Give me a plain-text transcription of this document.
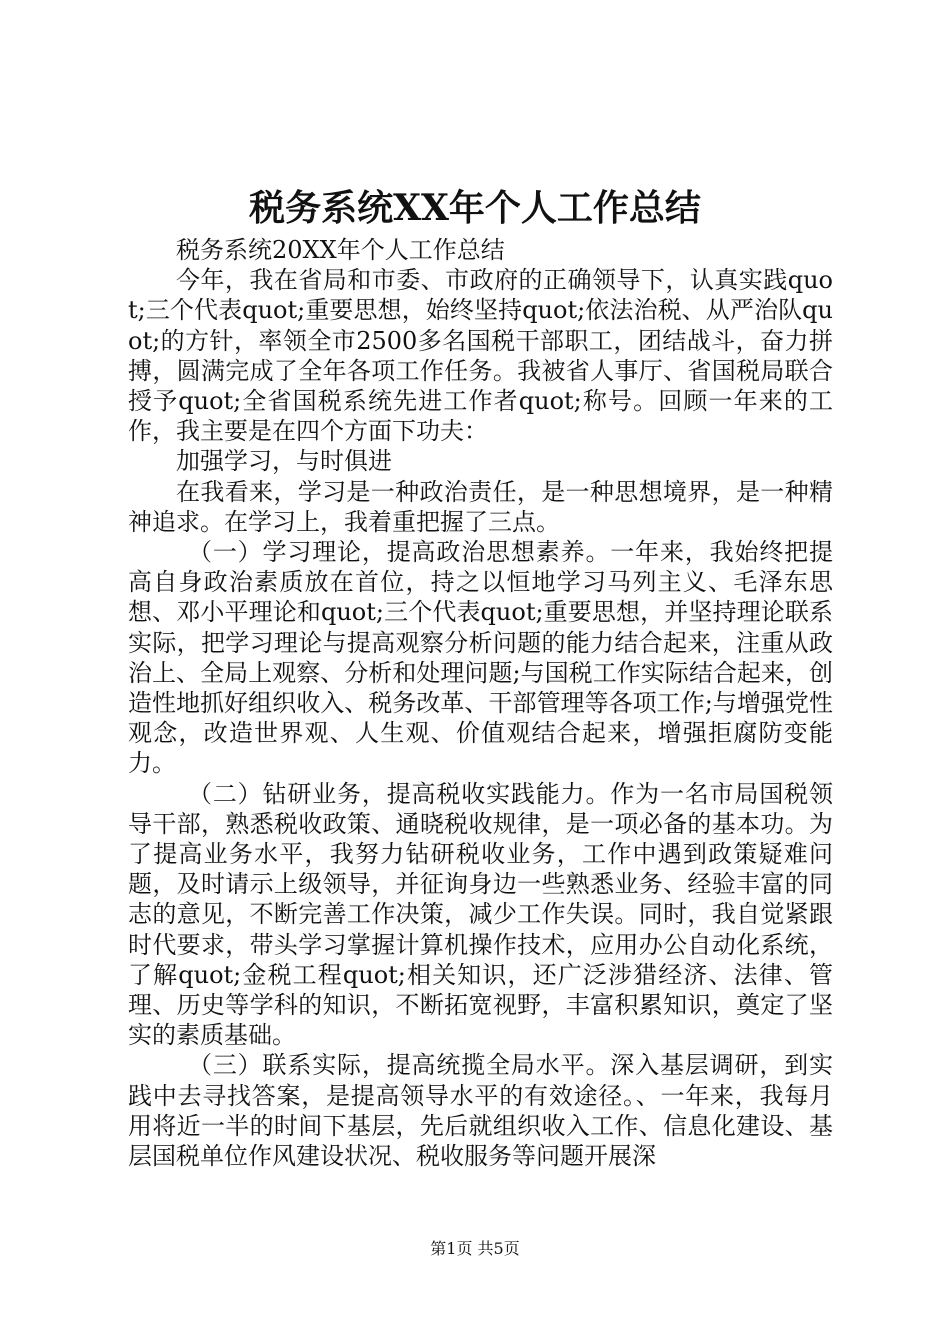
税务系统XX年个人工作总结

税务系统20XX年个人工作总结

今年，我在省局和市委、市政府的正确领导下，认真实践quot;三个代表quot;重要思想，始终坚持quot;依法治税、从严治队quot;的方针，率领全市2500多名国税干部职工，团结战斗，奋力拼搏，圆满完成了全年各项工作任务。我被省人事厅、省国税局联合授予quot;全省国税系统先进工作者quot;称号。回顾一年来的工作，我主要是在四个方面下功夫：

加强学习，与时俱进

在我看来，学习是一种政治责任，是一种思想境界，是一种精神追求。在学习上，我着重把握了三点。

（一）学习理论，提高政治思想素养。一年来，我始终把提高自身政治素质放在首位，持之以恒地学习马列主义、毛泽东思想、邓小平理论和quot;三个代表quot;重要思想，并坚持理论联系实际，把学习理论与提高观察分析问题的能力结合起来，注重从政治上、全局上观察、分析和处理问题;与国税工作实际结合起来，创造性地抓好组织收入、税务改革、干部管理等各项工作;与增强党性观念，改造世界观、人生观、价值观结合起来，增强拒腐防变能力。

（二）钻研业务，提高税收实践能力。作为一名市局国税领导干部，熟悉税收政策、通晓税收规律，是一项必备的基本功。为了提高业务水平，我努力钻研税收业务，工作中遇到政策疑难问题，及时请示上级领导，并征询身边一些熟悉业务、经验丰富的同志的意见，不断完善工作决策，减少工作失误。同时，我自觉紧跟时代要求，带头学习掌握计算机操作技术，应用办公自动化系统，了解quot;金税工程quot;相关知识，还广泛涉猎经济、法律、管理、历史等学科的知识，不断拓宽视野，丰富积累知识，奠定了坚实的素质基础。

（三）联系实际，提高统揽全局水平。深入基层调研，到实践中去寻找答案，是提高领导水平的有效途径。、一年来，我每月用将近一半的时间下基层，先后就组织收入工作、信息化建设、基层国税单位作风建设状况、税收服务等问题开展深

第1页 共5页
